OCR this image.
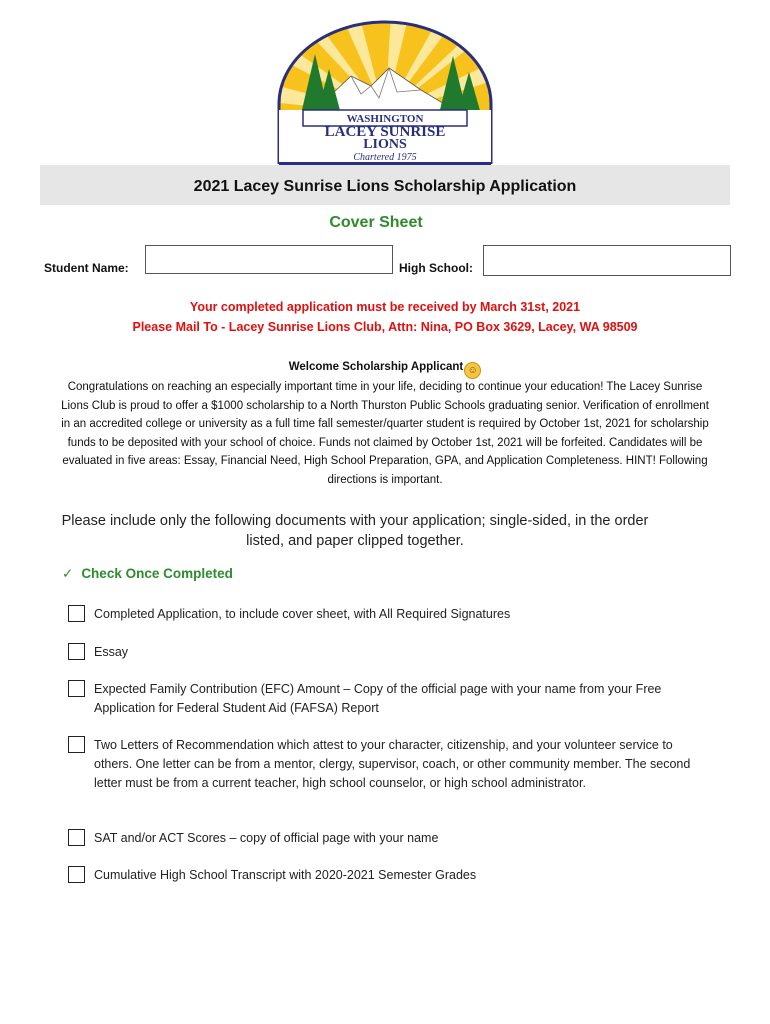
WASHINGTON
LACEY SUNRISE
LIONS
Chartered 1975
2021 Lacey Sunrise Lions Scholarship Application
Cover Sheet
Student Name:	High School:
Your completed application must be received by March 31st, 2021
Please Mail To - Lacey Sunrise Lions Club, Attn: Nina, PO Box 3629, Lacey, WA 98509
Welcome Scholarship Applicant ☺
Congratulations on reaching an especially important time in your life, deciding to continue your education! The Lacey Sunrise Lions Club is proud to offer a $1000 scholarship to a North Thurston Public Schools graduating senior. Verification of enrollment in an accredited college or university as a full time fall semester/quarter student is required by October 1st, 2021 for scholarship funds to be deposited with your school of choice. Funds not claimed by October 1st, 2021 will be forfeited. Candidates will be evaluated in five areas: Essay, Financial Need, High School Preparation, GPA, and Application Completeness. HINT! Following directions is important.
Please include only the following documents with your application; single-sided, in the order listed, and paper clipped together.
✓ Check Once Completed
Completed Application, to include cover sheet, with All Required Signatures
Essay
Expected Family Contribution (EFC) Amount – Copy of the official page with your name from your Free Application for Federal Student Aid (FAFSA) Report
Two Letters of Recommendation which attest to your character, citizenship, and your volunteer service to others. One letter can be from a mentor, clergy, supervisor, coach, or other community member. The second letter must be from a current teacher, high school counselor, or high school administrator.
SAT and/or ACT Scores – copy of official page with your name
Cumulative High School Transcript with 2020-2021 Semester Grades
